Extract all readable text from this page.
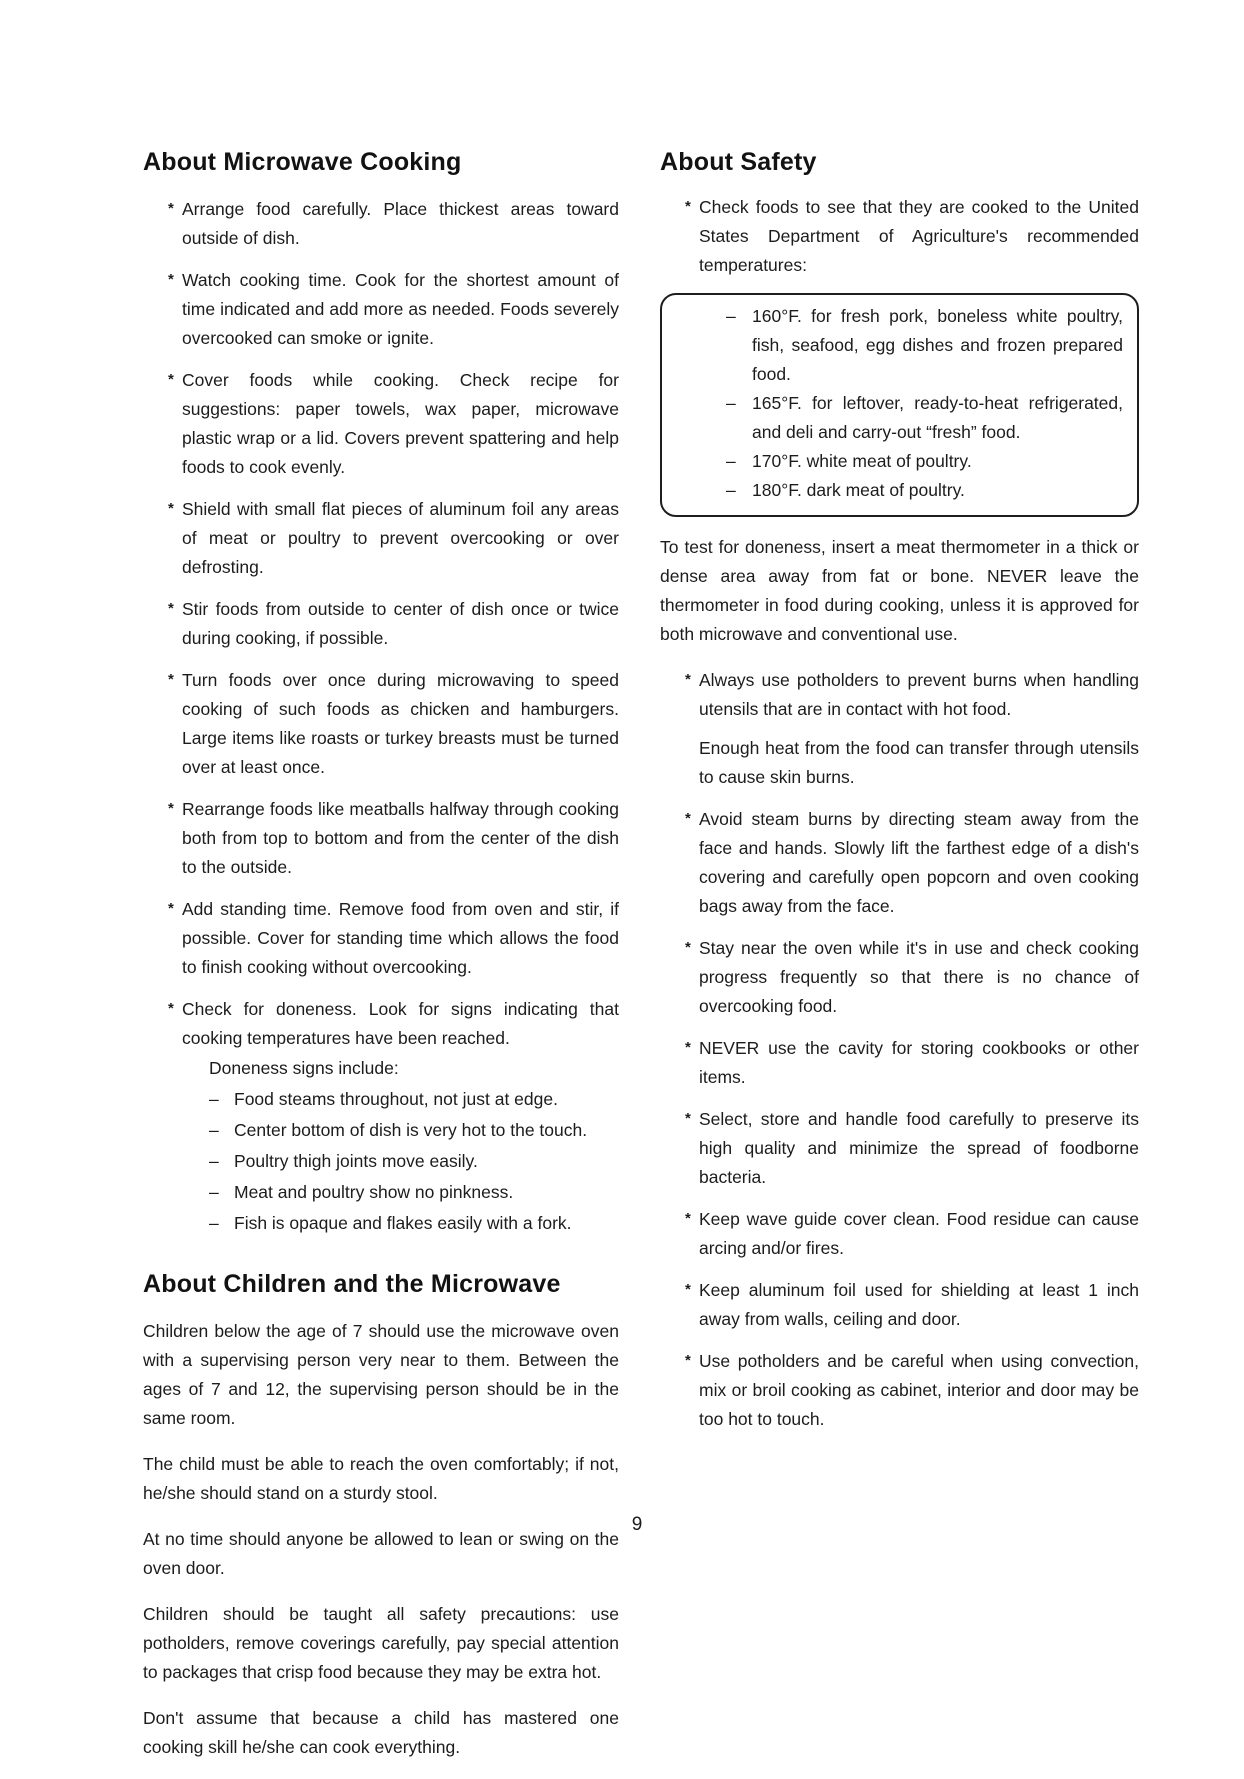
About Microwave Cooking
* Arrange food carefully. Place thickest areas toward outside of dish.
* Watch cooking time. Cook for the shortest amount of time indicated and add more as needed. Foods severely overcooked can smoke or ignite.
* Cover foods while cooking. Check recipe for suggestions: paper towels, wax paper, microwave plastic wrap or a lid. Covers prevent spattering and help foods to cook evenly.
* Shield with small flat pieces of aluminum foil any areas of meat or poultry to prevent overcooking or over defrosting.
* Stir foods from outside to center of dish once or twice during cooking, if possible.
* Turn foods over once during microwaving to speed cooking of such foods as chicken and hamburgers. Large items like roasts or turkey breasts must be turned over at least once.
* Rearrange foods like meatballs halfway through cooking both from top to bottom and from the center of the dish to the outside.
* Add standing time. Remove food from oven and stir, if possible. Cover for standing time which allows the food to finish cooking without overcooking.
* Check for doneness. Look for signs indicating that cooking temperatures have been reached.
Doneness signs include:
– Food steams throughout, not just at edge.
– Center bottom of dish is very hot to the touch.
– Poultry thigh joints move easily.
– Meat and poultry show no pinkness.
– Fish is opaque and flakes easily with a fork.
About Children and the Microwave

Children below the age of 7 should use the microwave oven with a supervising person very near to them. Between the ages of 7 and 12, the supervising person should be in the same room.

The child must be able to reach the oven comfortably; if not, he/she should stand on a sturdy stool.

At no time should anyone be allowed to lean or swing on the oven door.

Children should be taught all safety precautions: use potholders, remove coverings carefully, pay special attention to packages that crisp food because they may be extra hot.

Don't assume that because a child has mastered one cooking skill he/she can cook everything.

About Safety
* Check foods to see that they are cooked to the United States Department of Agriculture's recommended temperatures:
– 160°F. for fresh pork, boneless white poultry, fish, seafood, egg dishes and frozen prepared food.
– 165°F. for leftover, ready-to-heat refrigerated, and deli and carry-out “fresh” food.
– 170°F. white meat of poultry.
– 180°F. dark meat of poultry.

To test for doneness, insert a meat thermometer in a thick or dense area away from fat or bone. NEVER leave the thermometer in food during cooking, unless it is approved for both microwave and conventional use.

* Always use potholders to prevent burns when handling utensils that are in contact with hot food.
Enough heat from the food can transfer through utensils to cause skin burns.
* Avoid steam burns by directing steam away from the face and hands. Slowly lift the farthest edge of a dish's covering and carefully open popcorn and oven cooking bags away from the face.
* Stay near the oven while it's in use and check cooking progress frequently so that there is no chance of overcooking food.
* NEVER use the cavity for storing cookbooks or other items.
* Select, store and handle food carefully to preserve its high quality and minimize the spread of foodborne bacteria.
* Keep wave guide cover clean. Food residue can cause arcing and/or fires.
* Keep aluminum foil used for shielding at least 1 inch away from walls, ceiling and door.
* Use potholders and be careful when using convection, mix or broil cooking as cabinet, interior and door may be too hot to touch.
9
